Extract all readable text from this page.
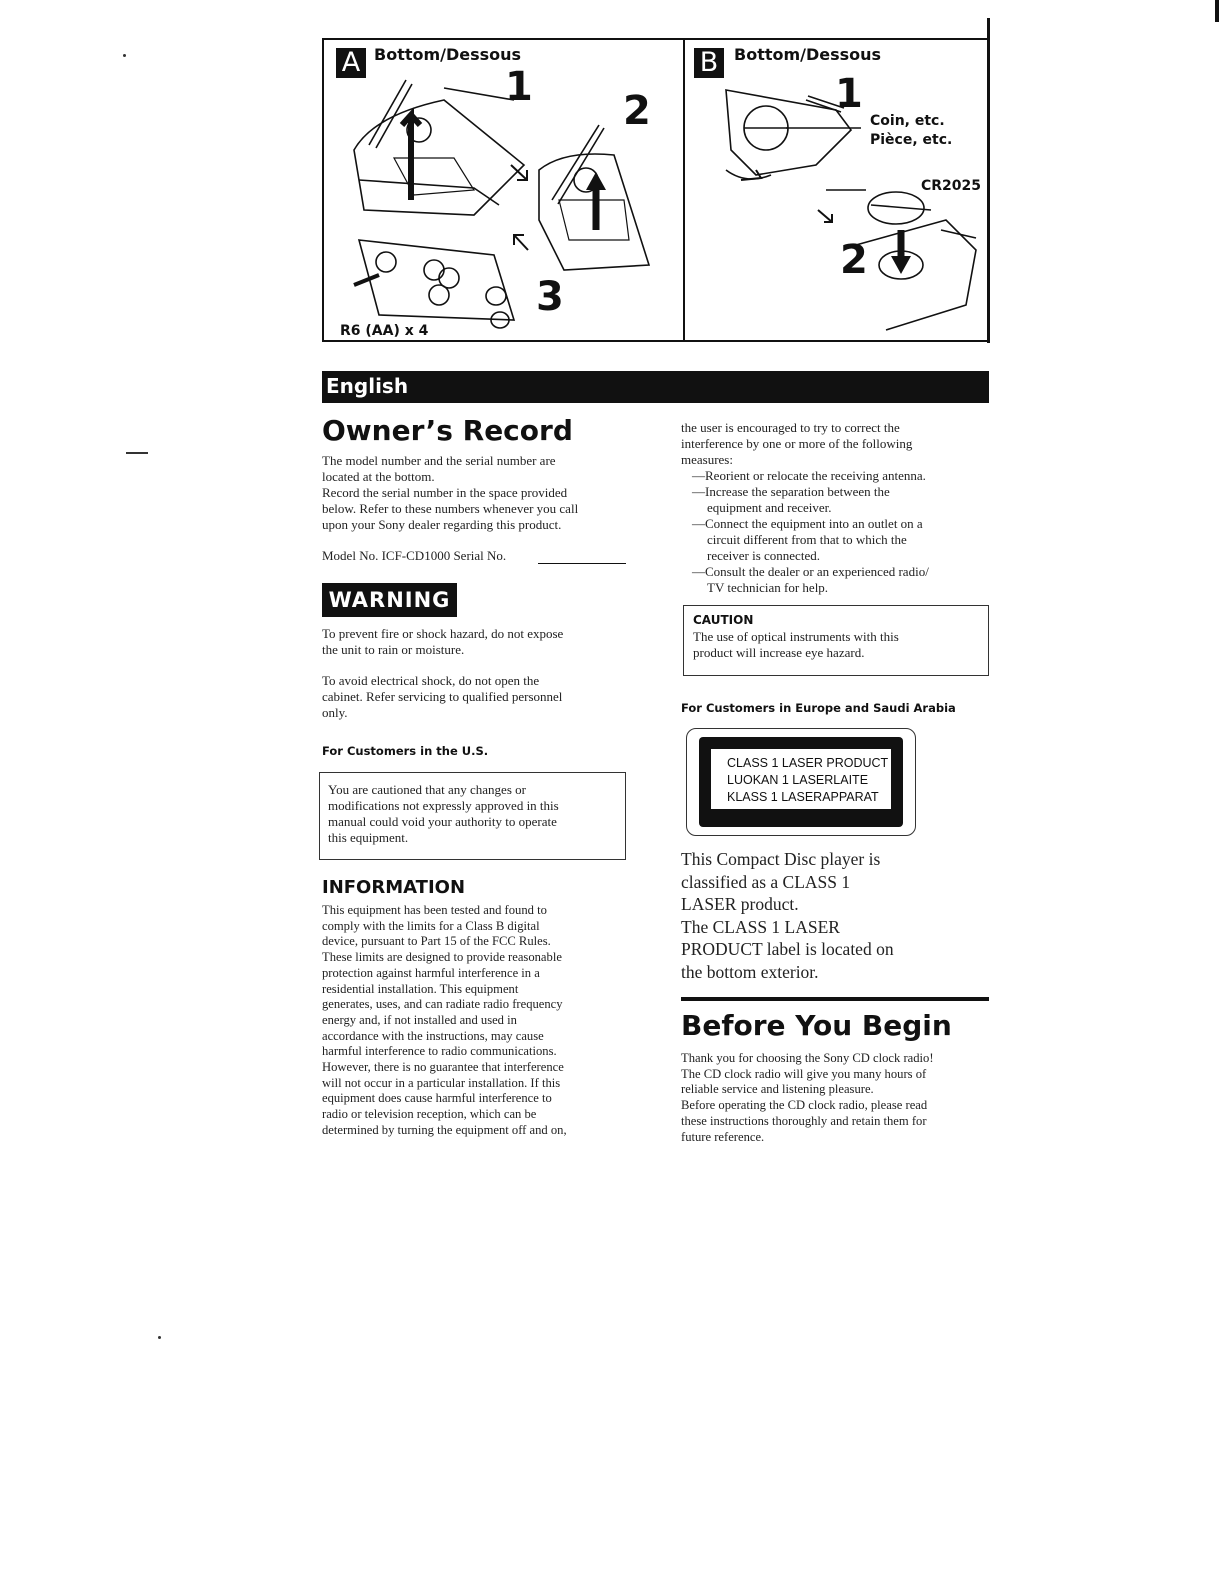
A Bottom/Dessous
1
2
3
R6 (AA) x 4
B Bottom/Dessous
1
2
Coin, etc.
Pièce, etc.
CR2025
English
Owner’s Record
The model number and the serial number are
located at the bottom.
Record the serial number in the space provided
below. Refer to these numbers whenever you call
upon your Sony dealer regarding this product.
Model No. ICF-CD1000 Serial No.
WARNING
To prevent fire or shock hazard, do not expose
the unit to rain or moisture.
To avoid electrical shock, do not open the
cabinet. Refer servicing to qualified personnel
only.
For Customers in the U.S.
You are cautioned that any changes or
modifications not expressly approved in this
manual could void your authority to operate
this equipment.
INFORMATION
This equipment has been tested and found to
comply with the limits for a Class B digital
device, pursuant to Part 15 of the FCC Rules.
These limits are designed to provide reasonable
protection against harmful interference in a
residential installation. This equipment
generates, uses, and can radiate radio frequency
energy and, if not installed and used in
accordance with the instructions, may cause
harmful interference to radio communications.
However, there is no guarantee that interference
will not occur in a particular installation. If this
equipment does cause harmful interference to
radio or television reception, which can be
determined by turning the equipment off and on,
the user is encouraged to try to correct the
interference by one or more of the following
measures:
—Reorient or relocate the receiving antenna.
—Increase the separation between the
equipment and receiver.
—Connect the equipment into an outlet on a
circuit different from that to which the
receiver is connected.
—Consult the dealer or an experienced radio/
TV technician for help.
CAUTION
The use of optical instruments with this
product will increase eye hazard.
For Customers in Europe and Saudi Arabia
CLASS 1 LASER PRODUCT
LUOKAN 1 LASERLAITE
KLASS 1 LASERAPPARAT
This Compact Disc player is
classified as a CLASS 1
LASER product.
The CLASS 1 LASER
PRODUCT label is located on
the bottom exterior.
Before You Begin
Thank you for choosing the Sony CD clock radio!
The CD clock radio will give you many hours of
reliable service and listening pleasure.
Before operating the CD clock radio, please read
these instructions thoroughly and retain them for
future reference.
